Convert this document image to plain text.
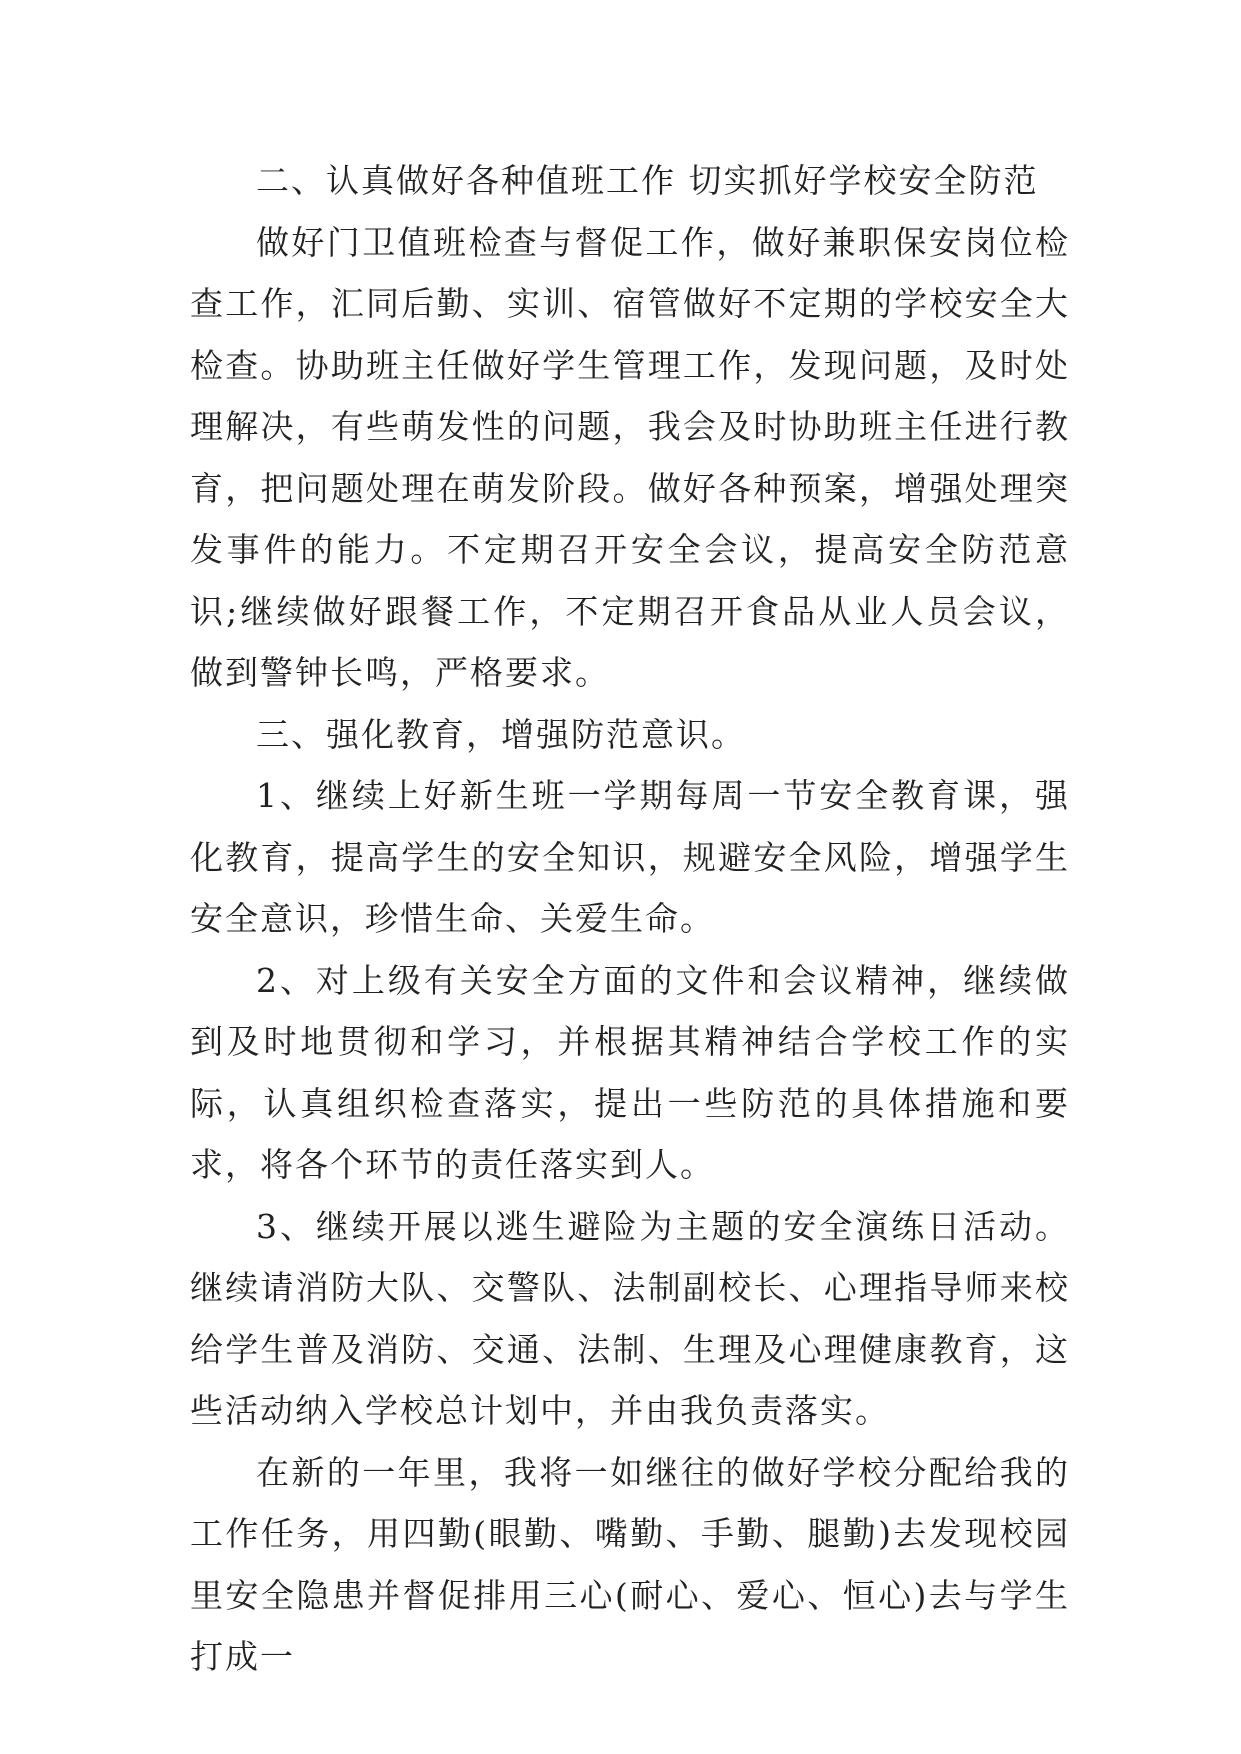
二、认真做好各种值班工作 切实抓好学校安全防范

做好门卫值班检查与督促工作，做好兼职保安岗位检查工作，汇同后勤、实训、宿管做好不定期的学校安全大检查。协助班主任做好学生管理工作，发现问题，及时处理解决，有些萌发性的问题，我会及时协助班主任进行教育，把问题处理在萌发阶段。做好各种预案，增强处理突发事件的能力。不定期召开安全会议，提高安全防范意识;继续做好跟餐工作，不定期召开食品从业人员会议，做到警钟长鸣，严格要求。

三、强化教育，增强防范意识。

1、继续上好新生班一学期每周一节安全教育课，强化教育，提高学生的安全知识，规避安全风险，增强学生安全意识，珍惜生命、关爱生命。

2、对上级有关安全方面的文件和会议精神，继续做到及时地贯彻和学习，并根据其精神结合学校工作的实际，认真组织检查落实，提出一些防范的具体措施和要求，将各个环节的责任落实到人。

3、继续开展以逃生避险为主题的安全演练日活动。继续请消防大队、交警队、法制副校长、心理指导师来校给学生普及消防、交通、法制、生理及心理健康教育，这些活动纳入学校总计划中，并由我负责落实。

在新的一年里，我将一如继往的做好学校分配给我的工作任务，用四勤(眼勤、嘴勤、手勤、腿勤)去发现校园里安全隐患并督促排用三心(耐心、爱心、恒心)去与学生打成一
